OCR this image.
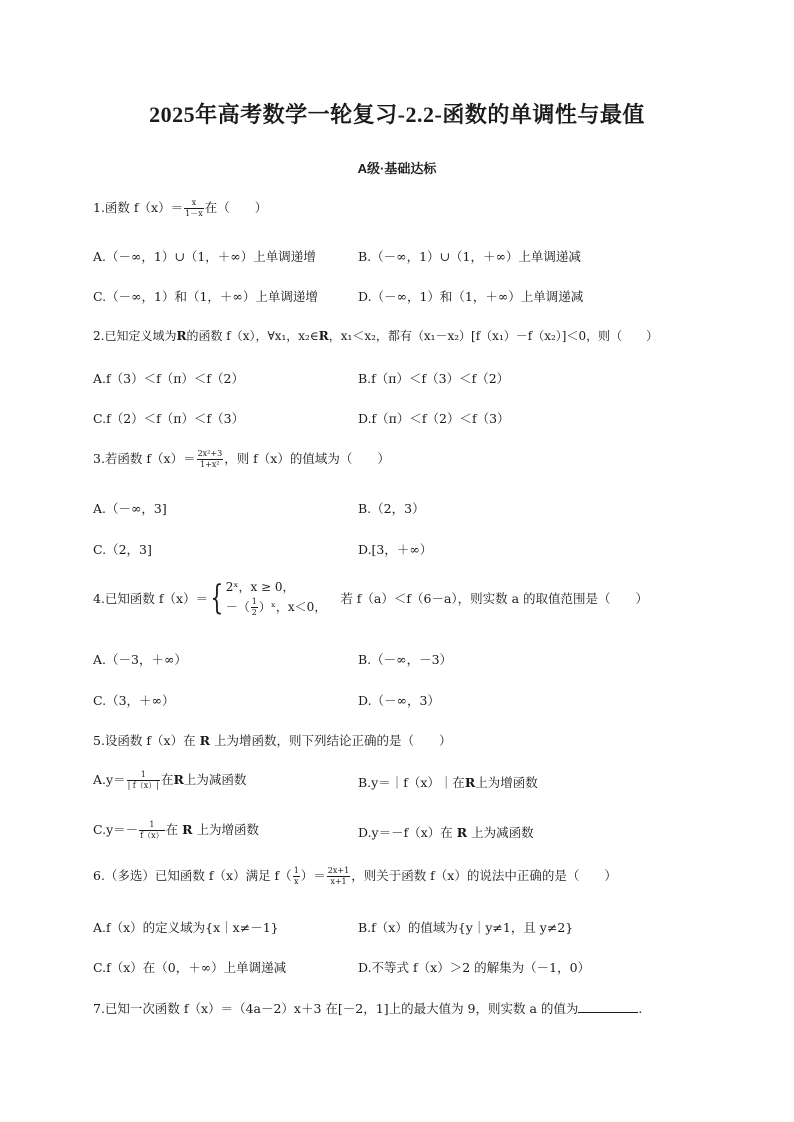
2025年高考数学一轮复习-2.2-函数的单调性与最值
A级·基础达标
1.函数 $f(x)= \frac{x}{1-x}$ 在（　　）
A.（－∞，1）∪（1，＋∞）上单调递增	B.（－∞，1）∪（1，＋∞）上单调递减
C.（－∞，1）和（1，＋∞）上单调递增	D.（－∞，1）和（1，＋∞）上单调递减
2.已知定义域为R的函数 f（x），∀x₁，x₂∈R，x₁＜x₂，都有（x₁－x₂）[f（x₁）－f（x₂）]＜0，则（　　）
A.f（3）＜f（π）＜f（2）	B.f（π）＜f（3）＜f（2）
C.f（2）＜f（π）＜f（3）	D.f（π）＜f（2）＜f（3）
3.若函数 $f(x)= \frac{\text{2x²+3}}{\text{1+x²}}$ ，则 f（x）的值域为（　　）
A.（－∞，3]	B.（2，3）
C.（2，3]	D.[3，＋∞）
4.已知函数 f（x）＝{ 2ˣ，x ≥ 0，
－（ $\frac{1}{2}$ ）ˣ，x＜0，
若 f（a）＜f（6－a），则实数 a 的取值范围是（　　）
A.（－3，＋∞）	B.（－∞，－3）
C.（3，＋∞）	D.（－∞，3）
5.设函数 f（x）在 R 上为增函数，则下列结论正确的是（　　）
$A.y= \frac{1}{| f(x)|}$ 在R上为减函数	B.y＝｜f（x）｜在R上为增函数
$C.y=- \frac{1}{f(x)}$ 在 R 上为增函数	D.y＝－f（x）在 R 上为减函数
6.（多选）已知函数 f（x）满足 $f( \frac{1}{x}$ ）＝ $\frac{2x+1}{x+1}$ ，则关于函数 f（x）的说法中正确的是（　　）
A.f（x）的定义域为{x｜x≠－1}	B.f（x）的值域为{y｜y≠1，且 y≠2}
C.f（x）在（0，＋∞）上单调递减	D.不等式 f（x）＞2 的解集为（－1，0）
7.已知一次函数 f（x）＝（4a－2）x＋3 在[－2，1]上的最大值为 9，则实数 a 的值为	.
